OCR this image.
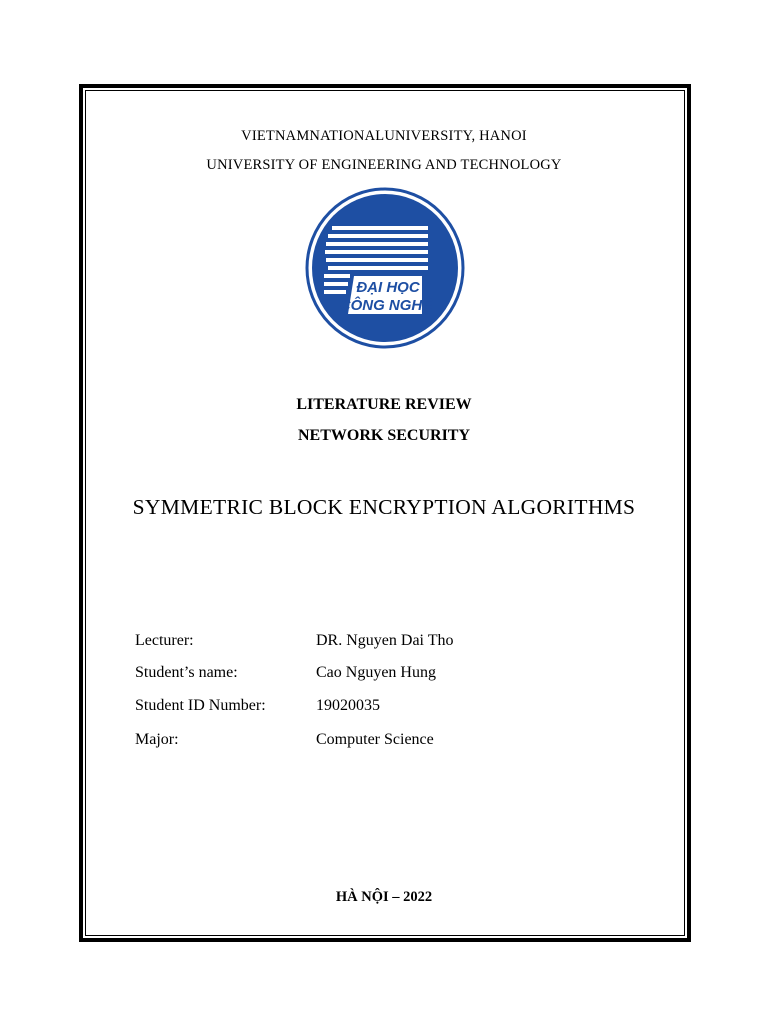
VIETNAMNATIONALUNIVERSITY, HANOI
UNIVERSITY OF ENGINEERING AND TECHNOLOGY
ĐẠI HỌC
CÔNG NGHỆ
LITERATURE REVIEW
NETWORK SECURITY
SYMMETRIC BLOCK ENCRYPTION ALGORITHMS
Lecturer:	DR. Nguyen Dai Tho
Student’s name:	Cao Nguyen Hung
Student ID Number:	19020035
Major:	Computer Science
HÀ NỘI – 2022
